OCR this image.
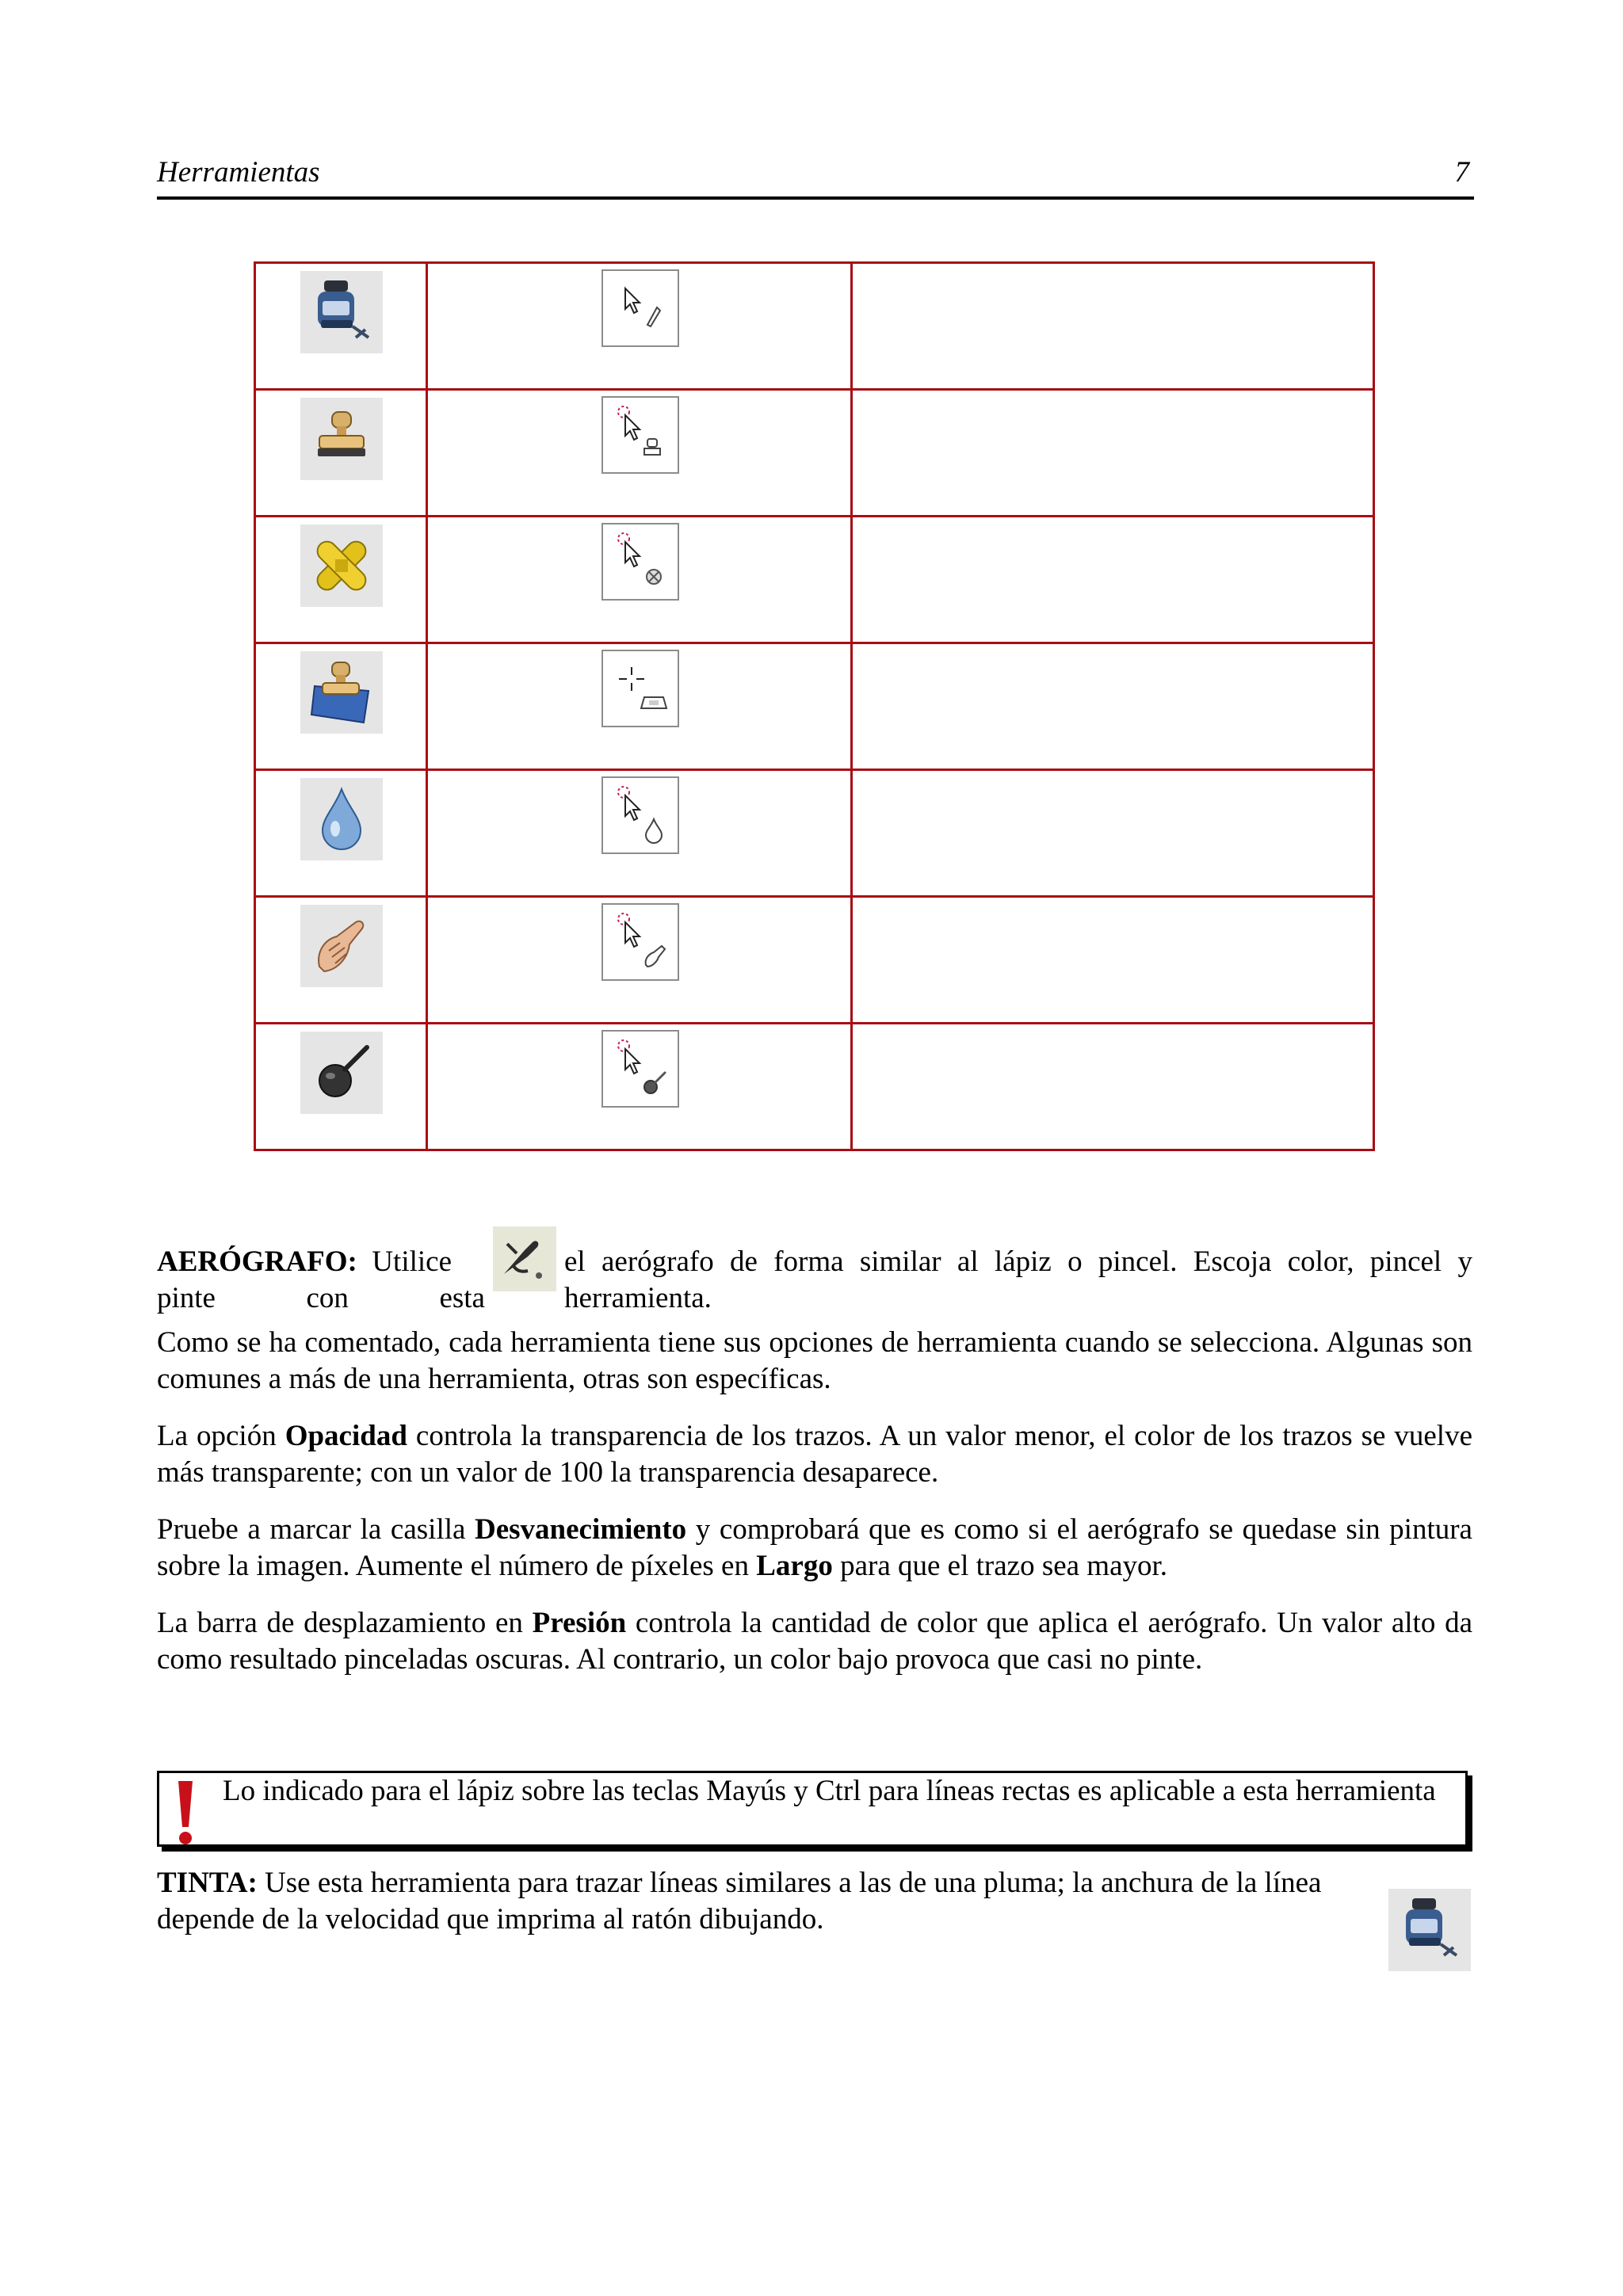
Herramientas	7

AERÓGRAFO: Utilice
pinte	con	esta
el aerógrafo de forma similar al lápiz o pincel. Escoja color, pincel y herramienta.

Como se ha comentado, cada herramienta tiene sus opciones de herramienta cuando se selecciona. Algunas son comunes a más de una herramienta, otras son específicas.

La opción Opacidad controla la transparencia de los trazos. A un valor menor, el color de los trazos se vuelve más transparente; con un valor de 100 la transparencia desaparece.

Pruebe a marcar la casilla Desvanecimiento y comprobará que es como si el aerógrafo se quedase sin pintura sobre la imagen. Aumente el número de píxeles en Largo para que el trazo sea mayor.

La barra de desplazamiento en Presión controla la cantidad de color que aplica el aerógrafo. Un valor alto da como resultado pinceladas oscuras. Al contrario, un color bajo provoca que casi no pinte.

Lo indicado para el lápiz sobre las teclas Mayús y Ctrl para líneas rectas es aplicable a esta herramienta

TINTA: Use esta herramienta para trazar líneas similares a las de una pluma; la anchura de la línea depende de la velocidad que imprima al ratón dibujando.
